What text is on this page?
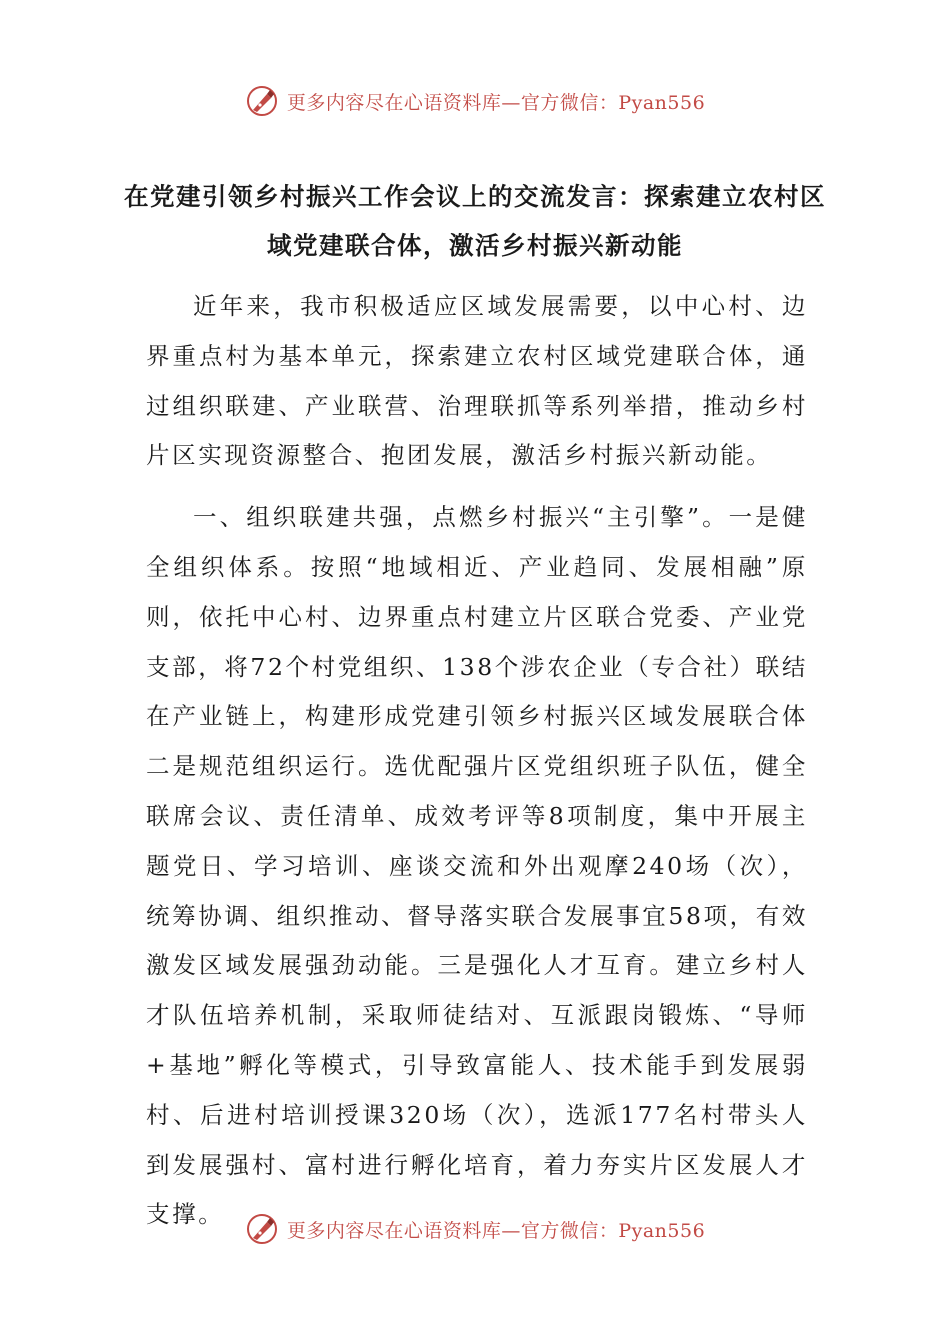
更多内容尽在心语资料库—官方微信：Pyan556
在党建引领乡村振兴工作会议上的交流发言：探索建立农村区域党建联合体，激活乡村振兴新动能

近年来，我市积极适应区域发展需要，以中心村、边界重点村为基本单元，探索建立农村区域党建联合体，通过组织联建、产业联营、治理联抓等系列举措，推动乡村片区实现资源整合、抱团发展，激活乡村振兴新动能。

一、组织联建共强，点燃乡村振兴“主引擎”。一是健全组织体系。按照“地域相近、产业趋同、发展相融”原则，依托中心村、边界重点村建立片区联合党委、产业党支部，将72个村党组织、138个涉农企业（专合社）联结在产业链上，构建形成党建引领乡村振兴区域发展联合体二是规范组织运行。选优配强片区党组织班子队伍，健全联席会议、责任清单、成效考评等8项制度，集中开展主题党日、学习培训、座谈交流和外出观摩240场（次），统筹协调、组织推动、督导落实联合发展事宜58项，有效激发区域发展强劲动能。三是强化人才互育。建立乡村人才队伍培养机制，采取师徒结对、互派跟岗锻炼、“导师+基地”孵化等模式，引导致富能人、技术能手到发展弱村、后进村培训授课320场（次），选派177名村带头人到发展强村、富村进行孵化培育，着力夯实片区发展人才支撑。

更多内容尽在心语资料库—官方微信：Pyan556
